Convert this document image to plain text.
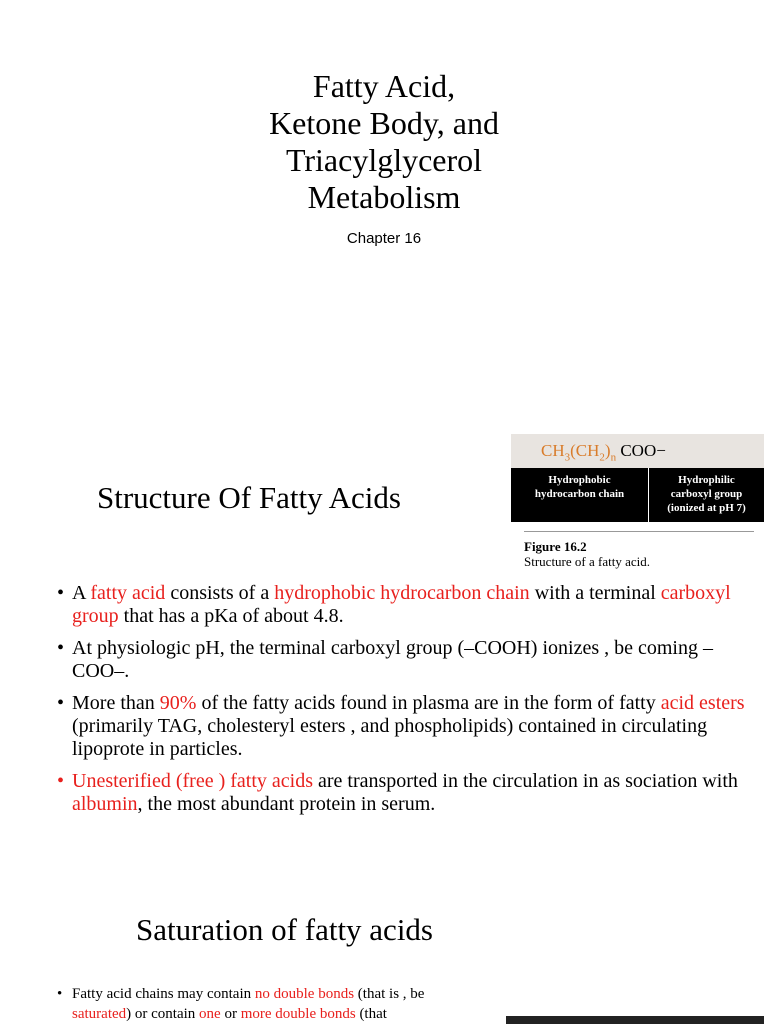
Fatty Acid,
Ketone Body, and
Triacylglycerol
Metabolism
Chapter 16
Structure Of Fatty Acids
$CH_3(CH_2)_n$ COO−
Hydrophobic
hydrocarbon chain
Hydrophilic
carboxyl group
(ionized at pH 7)
Figure 16.2
Structure of a fatty acid.
• A fatty acid consists of a hydrophobic hydrocarbon chain with a terminal carboxyl group that has a pKa of about 4.8.
• At physiologic pH, the terminal carboxyl group (–COOH) ionizes , be coming –COO–.
• More than 90% of the fatty acids found in plasma are in the form of fatty acid esters (primarily TAG, cholesteryl esters , and phospholipids) contained in circulating lipoprote in particles.
• Unesterified (free ) fatty acids are transported in the circulation in as sociation with albumin, the most abundant protein in serum.
Saturation of fatty acids
• Fatty acid chains may contain no double bonds (that is , be saturated) or contain one or more double bonds (that
